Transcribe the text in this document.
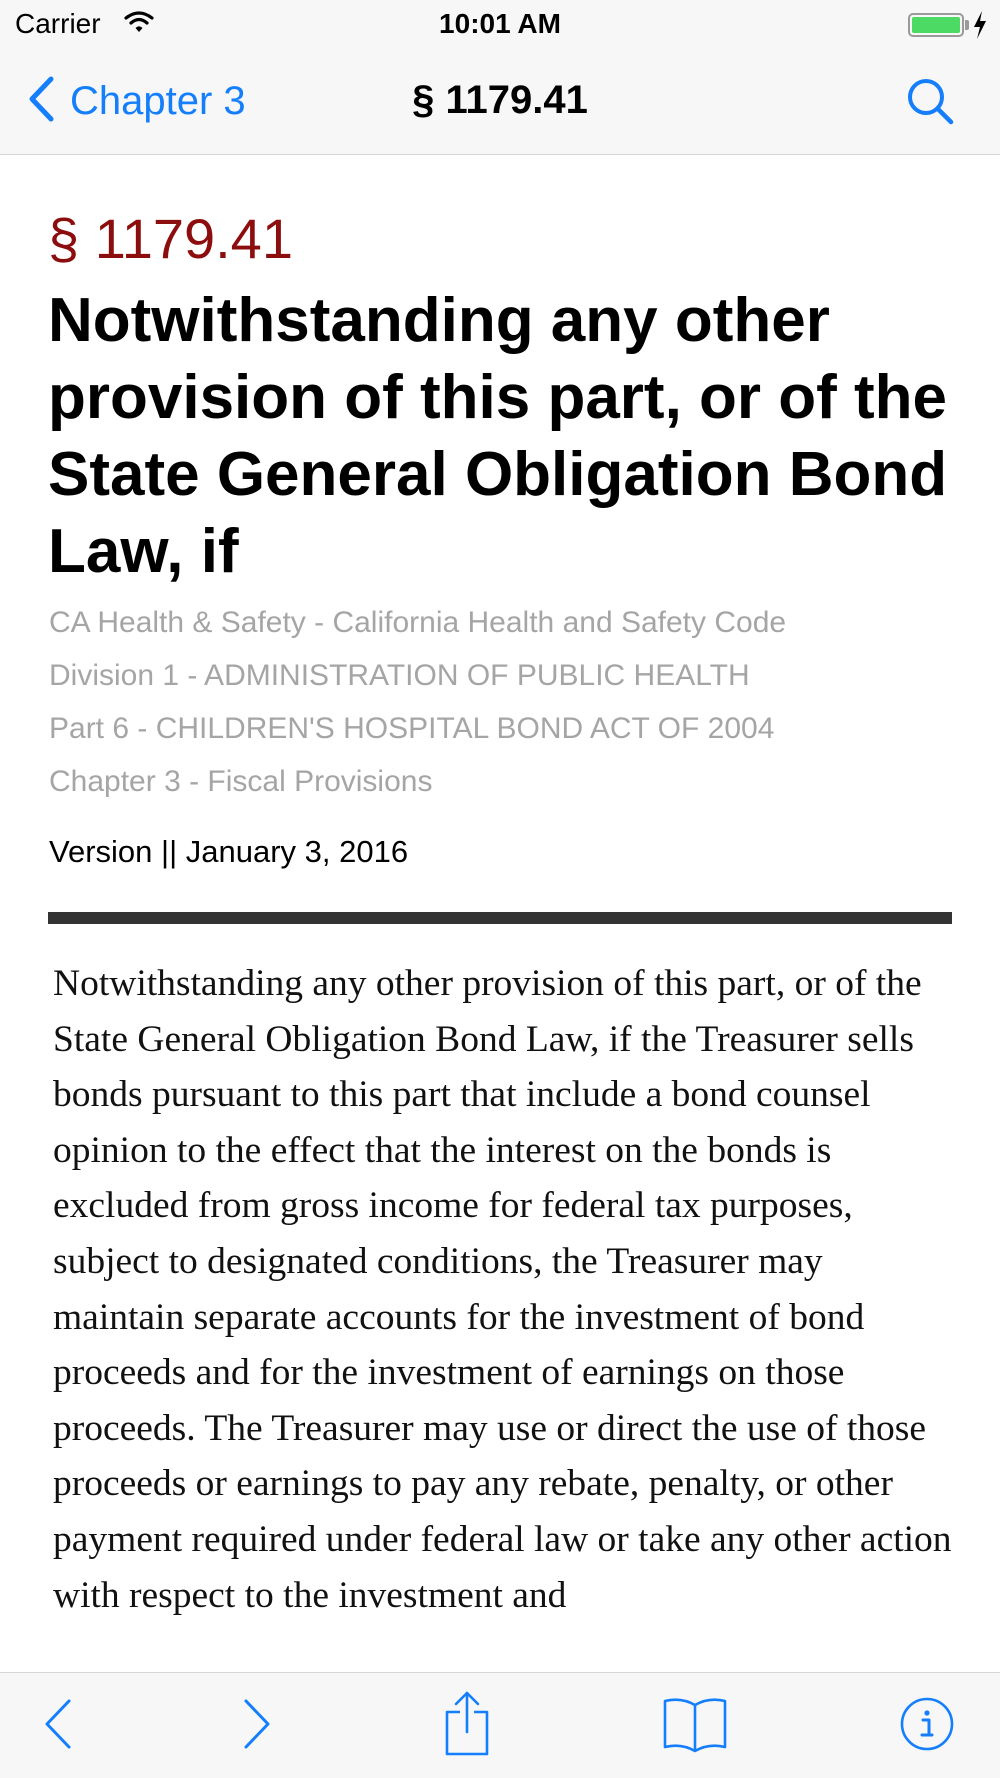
Carrier	10:01 AM
Chapter 3	§ 1179.41
§ 1179.41
Notwithstanding any other provision of this part, or of the State General Obligation Bond Law, if
CA Health & Safety - California Health and Safety Code
Division 1 - ADMINISTRATION OF PUBLIC HEALTH
Part 6 - CHILDREN'S HOSPITAL BOND ACT OF 2004
Chapter 3 - Fiscal Provisions
Version || January 3, 2016
Notwithstanding any other provision of this part, or of the State General Obligation Bond Law, if the Treasurer sells bonds pursuant to this part that include a bond counsel opinion to the effect that the interest on the bonds is excluded from gross income for federal tax purposes, subject to designated conditions, the Treasurer may maintain separate accounts for the investment of bond proceeds and for the investment of earnings on those proceeds. The Treasurer may use or direct the use of those proceeds or earnings to pay any rebate, penalty, or other payment required under federal law or take any other action with respect to the investment and
